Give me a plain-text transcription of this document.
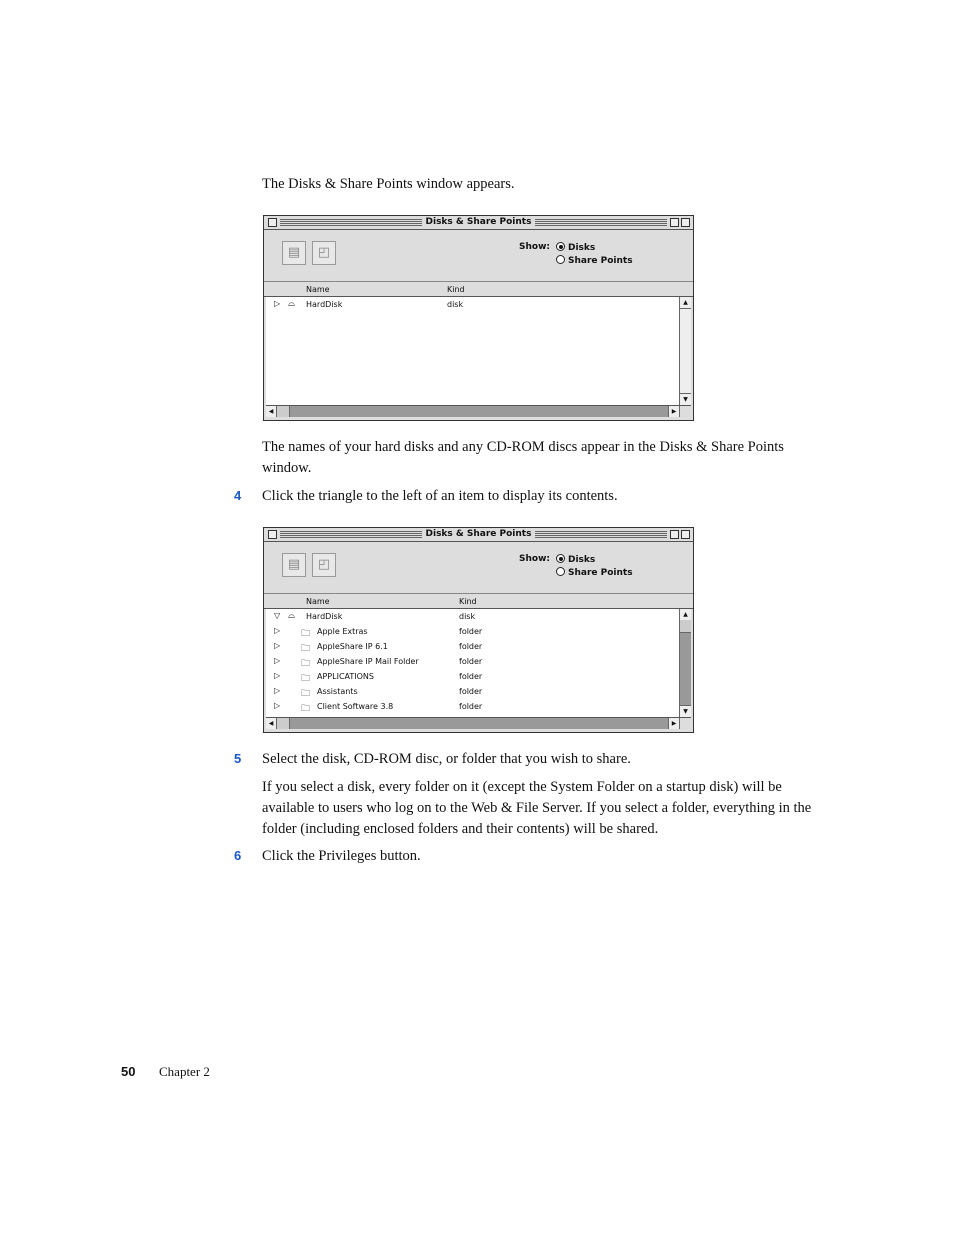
The Disks & Share Points window appears.
Disks & Share Points
▤	◰	Show:	Disks
Share Points
Name	Kind
▷ ⌓ HardDisk	disk	▲
▼
◀	▶
The names of your hard disks and any CD-ROM discs appear in the Disks & Share Points window.
4 Click the triangle to the left of an item to display its contents.
Disks & Share Points
▤	◰	Show:	Disks
Share Points
Name	Kind
▽ ⌓ HardDisk	disk
▷ 🗀 Apple Extras	folder
▷ 🗀 AppleShare IP 6.1	folder
▷ 🗀 AppleShare IP Mail Folder	folder
▷ 🗀 APPLICATIONS	folder
▷ 🗀 Assistants	folder
▷ 🗀 Client Software 3.8	folder
▲
▼
◀	▶
5 Select the disk, CD-ROM disc, or folder that you wish to share.
If you select a disk, every folder on it (except the System Folder on a startup disk) will be available to users who log on to the Web & File Server. If you select a folder, everything in the folder (including enclosed folders and their contents) will be shared.
6 Click the Privileges button.
50 Chapter 2
